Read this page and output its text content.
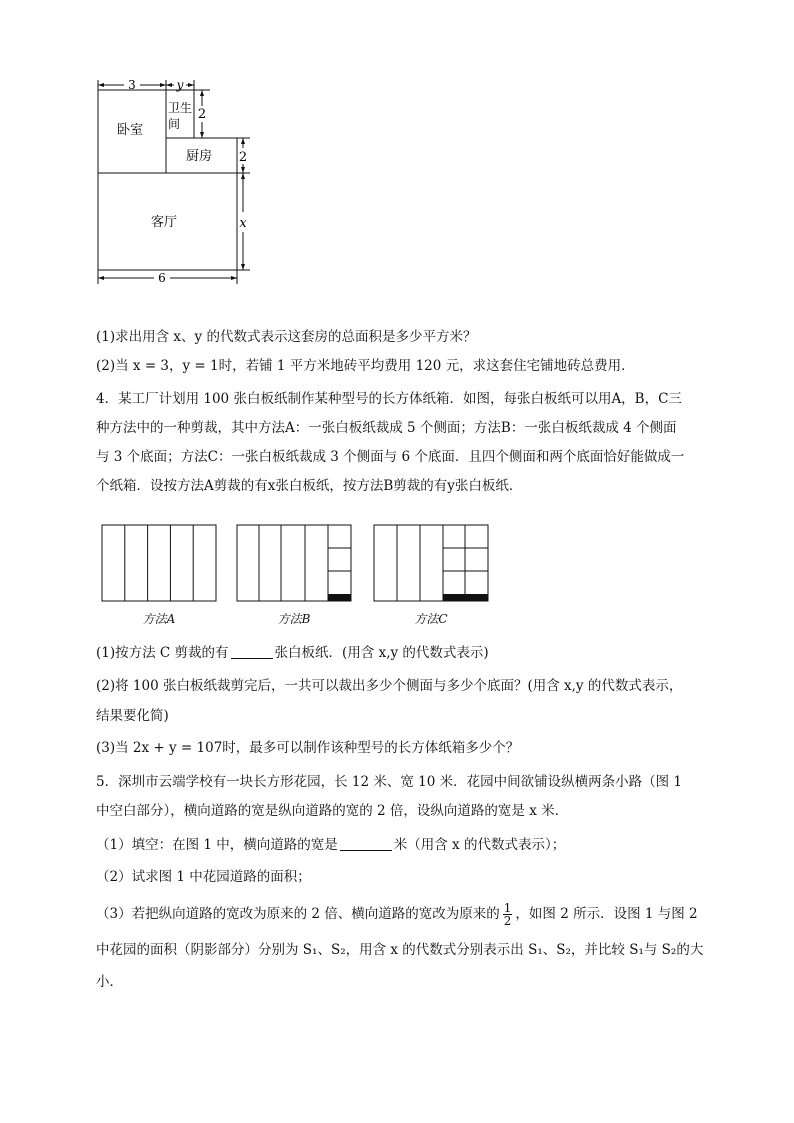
3	y
2
2
x
6
卧室
卫生
间
厨房
客厅
(1)求出用含 x、y 的代数式表示这套房的总面积是多少平方米？
(2)当 x = 3，y = 1时，若铺 1 平方米地砖平均费用 120 元，求这套住宅铺地砖总费用．
4．某工厂计划用 100 张白板纸制作某种型号的长方体纸箱．如图，每张白板纸可以用A，B，C三
种方法中的一种剪裁，其中方法A：一张白板纸裁成 5 个侧面；方法B：一张白板纸裁成 4 个侧面
与 3 个底面；方法C：一张白板纸裁成 3 个侧面与 6 个底面．且四个侧面和两个底面恰好能做成一
个纸箱．设按方法A剪裁的有x张白板纸，按方法B剪裁的有y张白板纸．
方法A	方法B	方法C
(1)按方法 C 剪裁的有	张白板纸．(用含 x,y 的代数式表示)
(2)将 100 张白板纸裁剪完后，一共可以裁出多少个侧面与多少个底面？(用含 x,y 的代数式表示，
结果要化简)
(3)当 2x + y = 107时，最多可以制作该种型号的长方体纸箱多少个？
5．深圳市云端学校有一块长方形花园，长 12 米、宽 10 米．花园中间欲铺设纵横两条小路（图 1
中空白部分），横向道路的宽是纵向道路的宽的 2 倍，设纵向道路的宽是 x 米．
（1）填空：在图 1 中，横向道路的宽是	米（用含 x 的代数式表示）；
（2）试求图 1 中花园道路的面积；
（3）若把纵向道路的宽改为原来的 2 倍、横向道路的宽改为原来的 $\frac{1}{2}$ ，如图 2 所示．设图 1 与图 2
中花园的面积（阴影部分）分别为 S₁、S₂，用含 x 的代数式分别表示出 S₁、S₂，并比较 S₁与 S₂的大
小．
